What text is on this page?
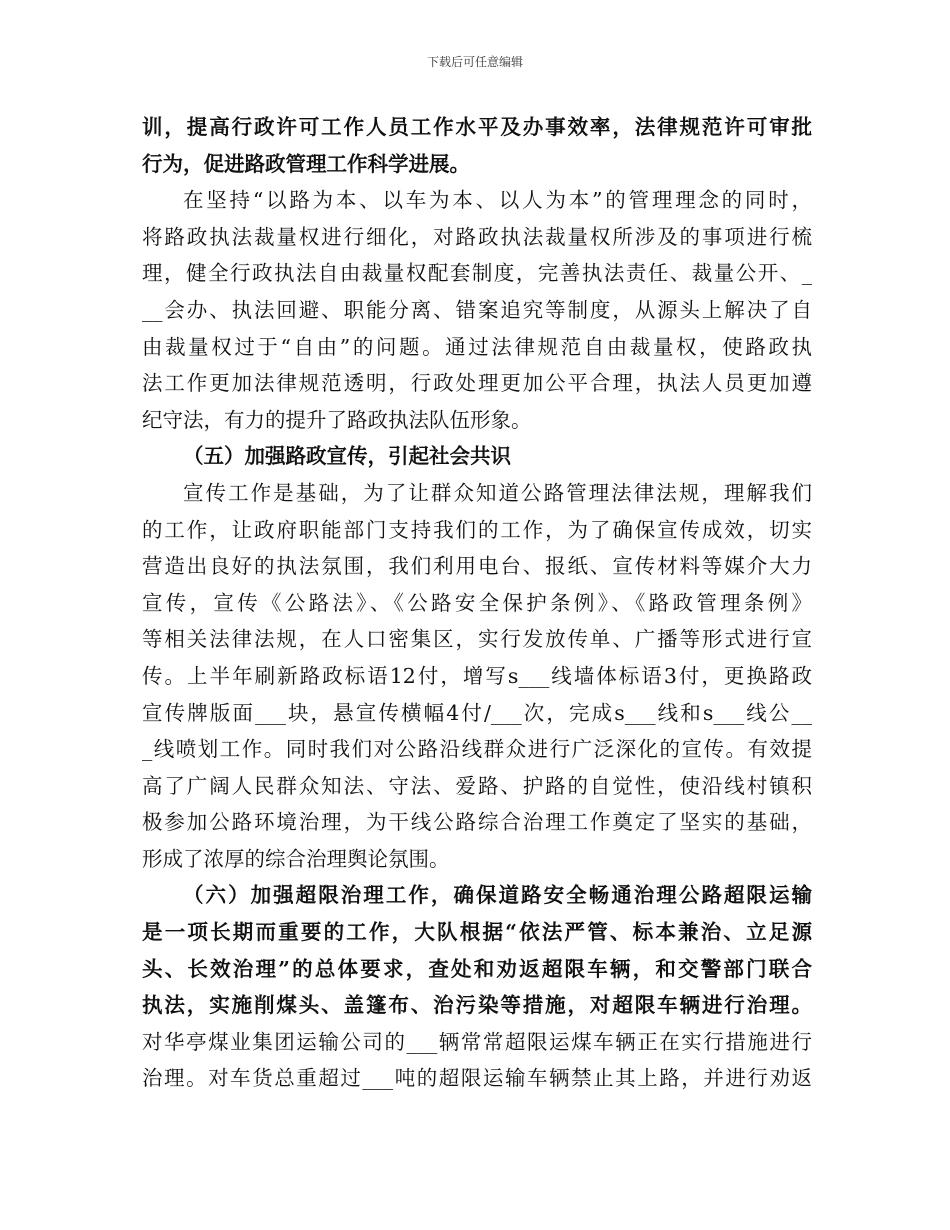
下载后可任意编辑
训，提高行政许可工作人员工作水平及办事效率，法律规范许可审批
行为，促进路政管理工作科学进展。
在坚持“以路为本、以车为本、以人为本”的管理理念的同时，
将路政执法裁量权进行细化，对路政执法裁量权所涉及的事项进行梳
理，健全行政执法自由裁量权配套制度，完善执法责任、裁量公开、_
__会办、执法回避、职能分离、错案追究等制度，从源头上解决了自
由裁量权过于“自由”的问题。通过法律规范自由裁量权，使路政执
法工作更加法律规范透明，行政处理更加公平合理，执法人员更加遵
纪守法，有力的提升了路政执法队伍形象。
（五）加强路政宣传，引起社会共识
宣传工作是基础，为了让群众知道公路管理法律法规，理解我们
的工作，让政府职能部门支持我们的工作，为了确保宣传成效，切实
营造出良好的执法氛围，我们利用电台、报纸、宣传材料等媒介大力
宣传，宣传《公路法》、《公路安全保护条例》、《路政管理条例》
等相关法律法规，在人口密集区，实行发放传单、广播等形式进行宣
传。上半年刷新路政标语12付，增写s___线墙体标语3付，更换路政
宣传牌版面___块，悬宣传横幅4付/___次，完成s___线和s___线公__
_线喷划工作。同时我们对公路沿线群众进行广泛深化的宣传。有效提
高了广阔人民群众知法、守法、爱路、护路的自觉性，使沿线村镇积
极参加公路环境治理，为干线公路综合治理工作奠定了坚实的基础，
形成了浓厚的综合治理舆论氛围。
（六）加强超限治理工作，确保道路安全畅通治理公路超限运输
是一项长期而重要的工作，大队根据“依法严管、标本兼治、立足源
头、长效治理”的总体要求，查处和劝返超限车辆，和交警部门联合
执法，实施削煤头、盖篷布、治污染等措施，对超限车辆进行治理。
对华亭煤业集团运输公司的___辆常常超限运煤车辆正在实行措施进行
治理。对车货总重超过___吨的超限运输车辆禁止其上路，并进行劝返
